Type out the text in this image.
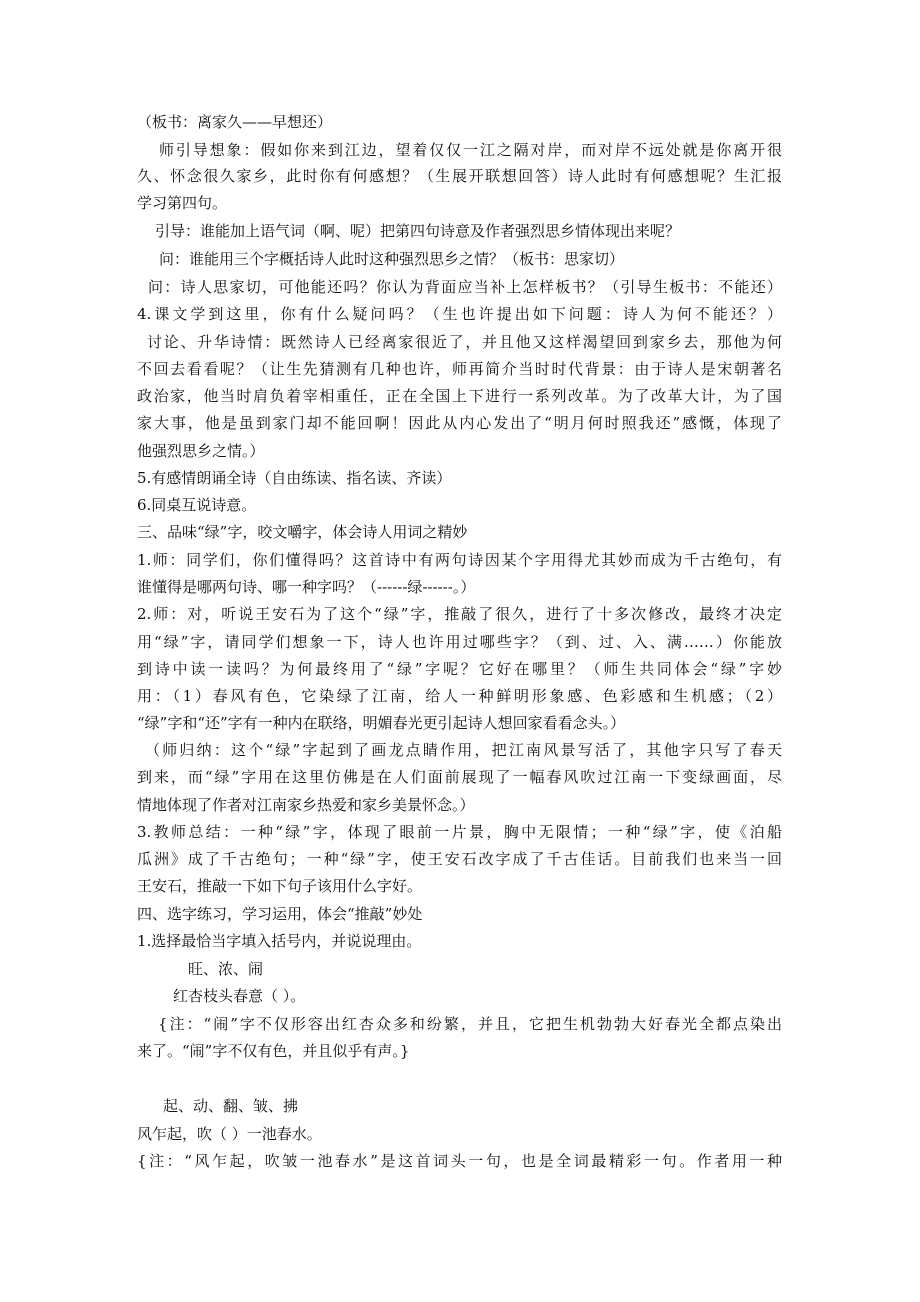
（板书：离家久——早想还）
师引导想象：假如你来到江边，望着仅仅一江之隔对岸，而对岸不远处就是你离开很
久、怀念很久家乡，此时你有何感想？（生展开联想回答）诗人此时有何感想呢？生汇报
学习第四句。
引导：谁能加上语气词（啊、呢）把第四句诗意及作者强烈思乡情体现出来呢？
问：谁能用三个字概括诗人此时这种强烈思乡之情？（板书：思家切）
问：诗人思家切，可他能还吗？你认为背面应当补上怎样板书？（引导生板书：不能还）
4.课文学到这里，你有什么疑问吗？（生也许提出如下问题：诗人为何不能还？）
讨论、升华诗情：既然诗人已经离家很近了，并且他又这样渴望回到家乡去，那他为何
不回去看看呢？（让生先猜测有几种也许，师再简介当时时代背景：由于诗人是宋朝著名
政治家，他当时肩负着宰相重任，正在全国上下进行一系列改革。为了改革大计，为了国
家大事，他是虽到家门却不能回啊！因此从内心发出了“明月何时照我还”感慨，体现了
他强烈思乡之情。）
5.有感情朗诵全诗（自由练读、指名读、齐读）
6.同桌互说诗意。
三、品味“绿”字，咬文嚼字，体会诗人用词之精妙
1.师：同学们，你们懂得吗？这首诗中有两句诗因某个字用得尤其妙而成为千古绝句，有
谁懂得是哪两句诗、哪一种字吗？（------绿------。）
2.师：对，听说王安石为了这个“绿”字，推敲了很久，进行了十多次修改，最终才决定
用“绿”字，请同学们想象一下，诗人也许用过哪些字？（到、过、入、满……）你能放
到诗中读一读吗？为何最终用了“绿”字呢？它好在哪里？（师生共同体会“绿”字妙
用：（1）春风有色，它染绿了江南，给人一种鲜明形象感、色彩感和生机感；（2）
“绿”字和“还”字有一种内在联络，明媚春光更引起诗人想回家看看念头。）
（师归纳：这个“绿”字起到了画龙点睛作用，把江南风景写活了，其他字只写了春天
到来，而“绿”字用在这里仿佛是在人们面前展现了一幅春风吹过江南一下变绿画面，尽
情地体现了作者对江南家乡热爱和家乡美景怀念。）
3.教师总结：一种“绿”字，体现了眼前一片景，胸中无限情；一种“绿”字，使《泊船
瓜洲》成了千古绝句；一种“绿”字，使王安石改字成了千古佳话。目前我们也来当一回
王安石，推敲一下如下句子该用什么字好。
四、选字练习，学习运用，体会“推敲”妙处
1.选择最恰当字填入括号内，并说说理由。
旺、浓、闹
红杏枝头春意（ ）。
{注：“闹”字不仅形容出红杏众多和纷繁，并且，它把生机勃勃大好春光全都点染出
来了。“闹”字不仅有色，并且似乎有声。}
起、动、翻、皱、拂
风乍起，吹（ ）一池春水。
{注：“风乍起，吹皱一池春水”是这首词头一句，也是全词最精彩一句。作者用一种
